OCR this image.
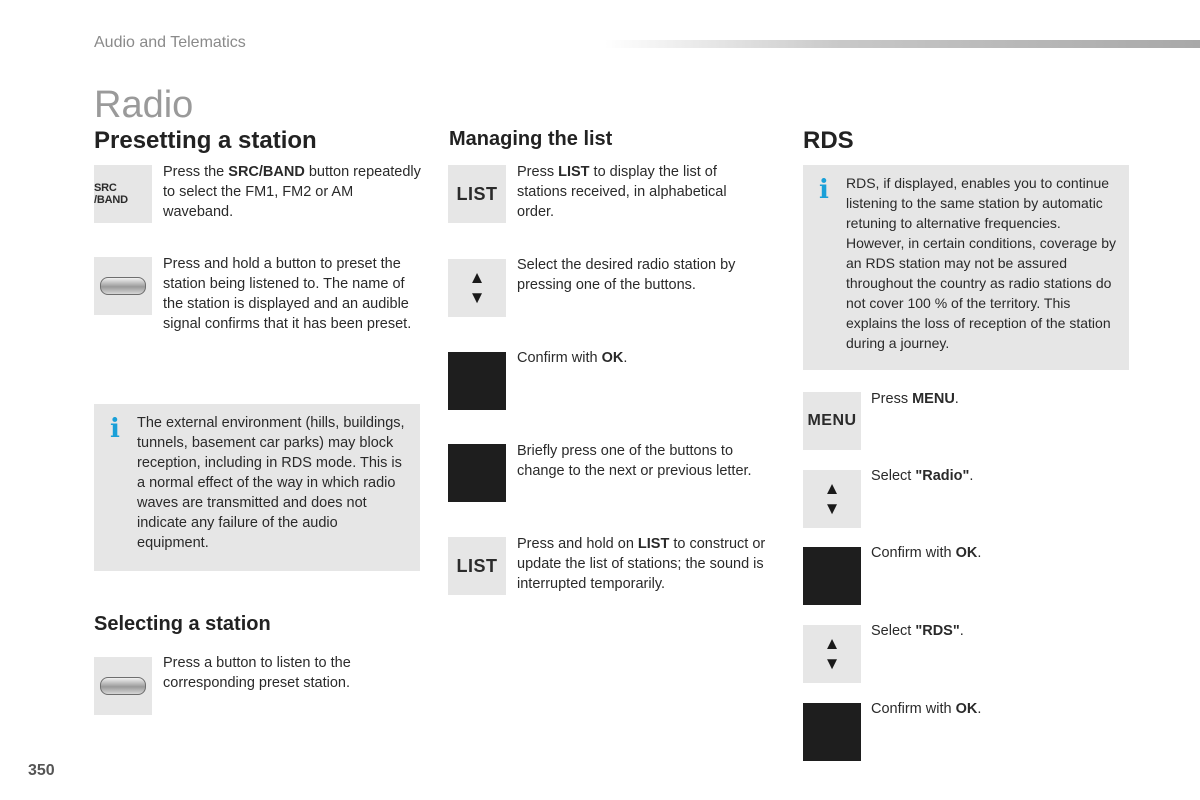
Audio and Telematics
Radio
Presetting a station
SRC /BAND
Press the SRC/BAND button repeatedly to select the FM1, FM2 or AM waveband.
Press and hold a button to preset the station being listened to. The name of the station is displayed and an audible signal confirms that it has been preset.
i The external environment (hills, buildings, tunnels, basement car parks) may block reception, including in RDS mode. This is a normal effect of the way in which radio waves are transmitted and does not indicate any failure of the audio equipment.
Selecting a station
Press a button to listen to the corresponding preset station.
Managing the list
LIST
Press LIST to display the list of stations received, in alphabetical order.
▲
▼
Select the desired radio station by pressing one of the buttons.
Confirm with OK.
Briefly press one of the buttons to change to the next or previous letter.
LIST
Press and hold on LIST to construct or update the list of stations; the sound is interrupted temporarily.
RDS
i RDS, if displayed, enables you to continue listening to the same station by automatic retuning to alternative frequencies. However, in certain conditions, coverage by an RDS station may not be assured throughout the country as radio stations do not cover 100 % of the territory. This explains the loss of reception of the station during a journey.
MENU
Press MENU.
▲
▼
Select "Radio".
Confirm with OK.
▲
▼
Select "RDS".
Confirm with OK.
350
